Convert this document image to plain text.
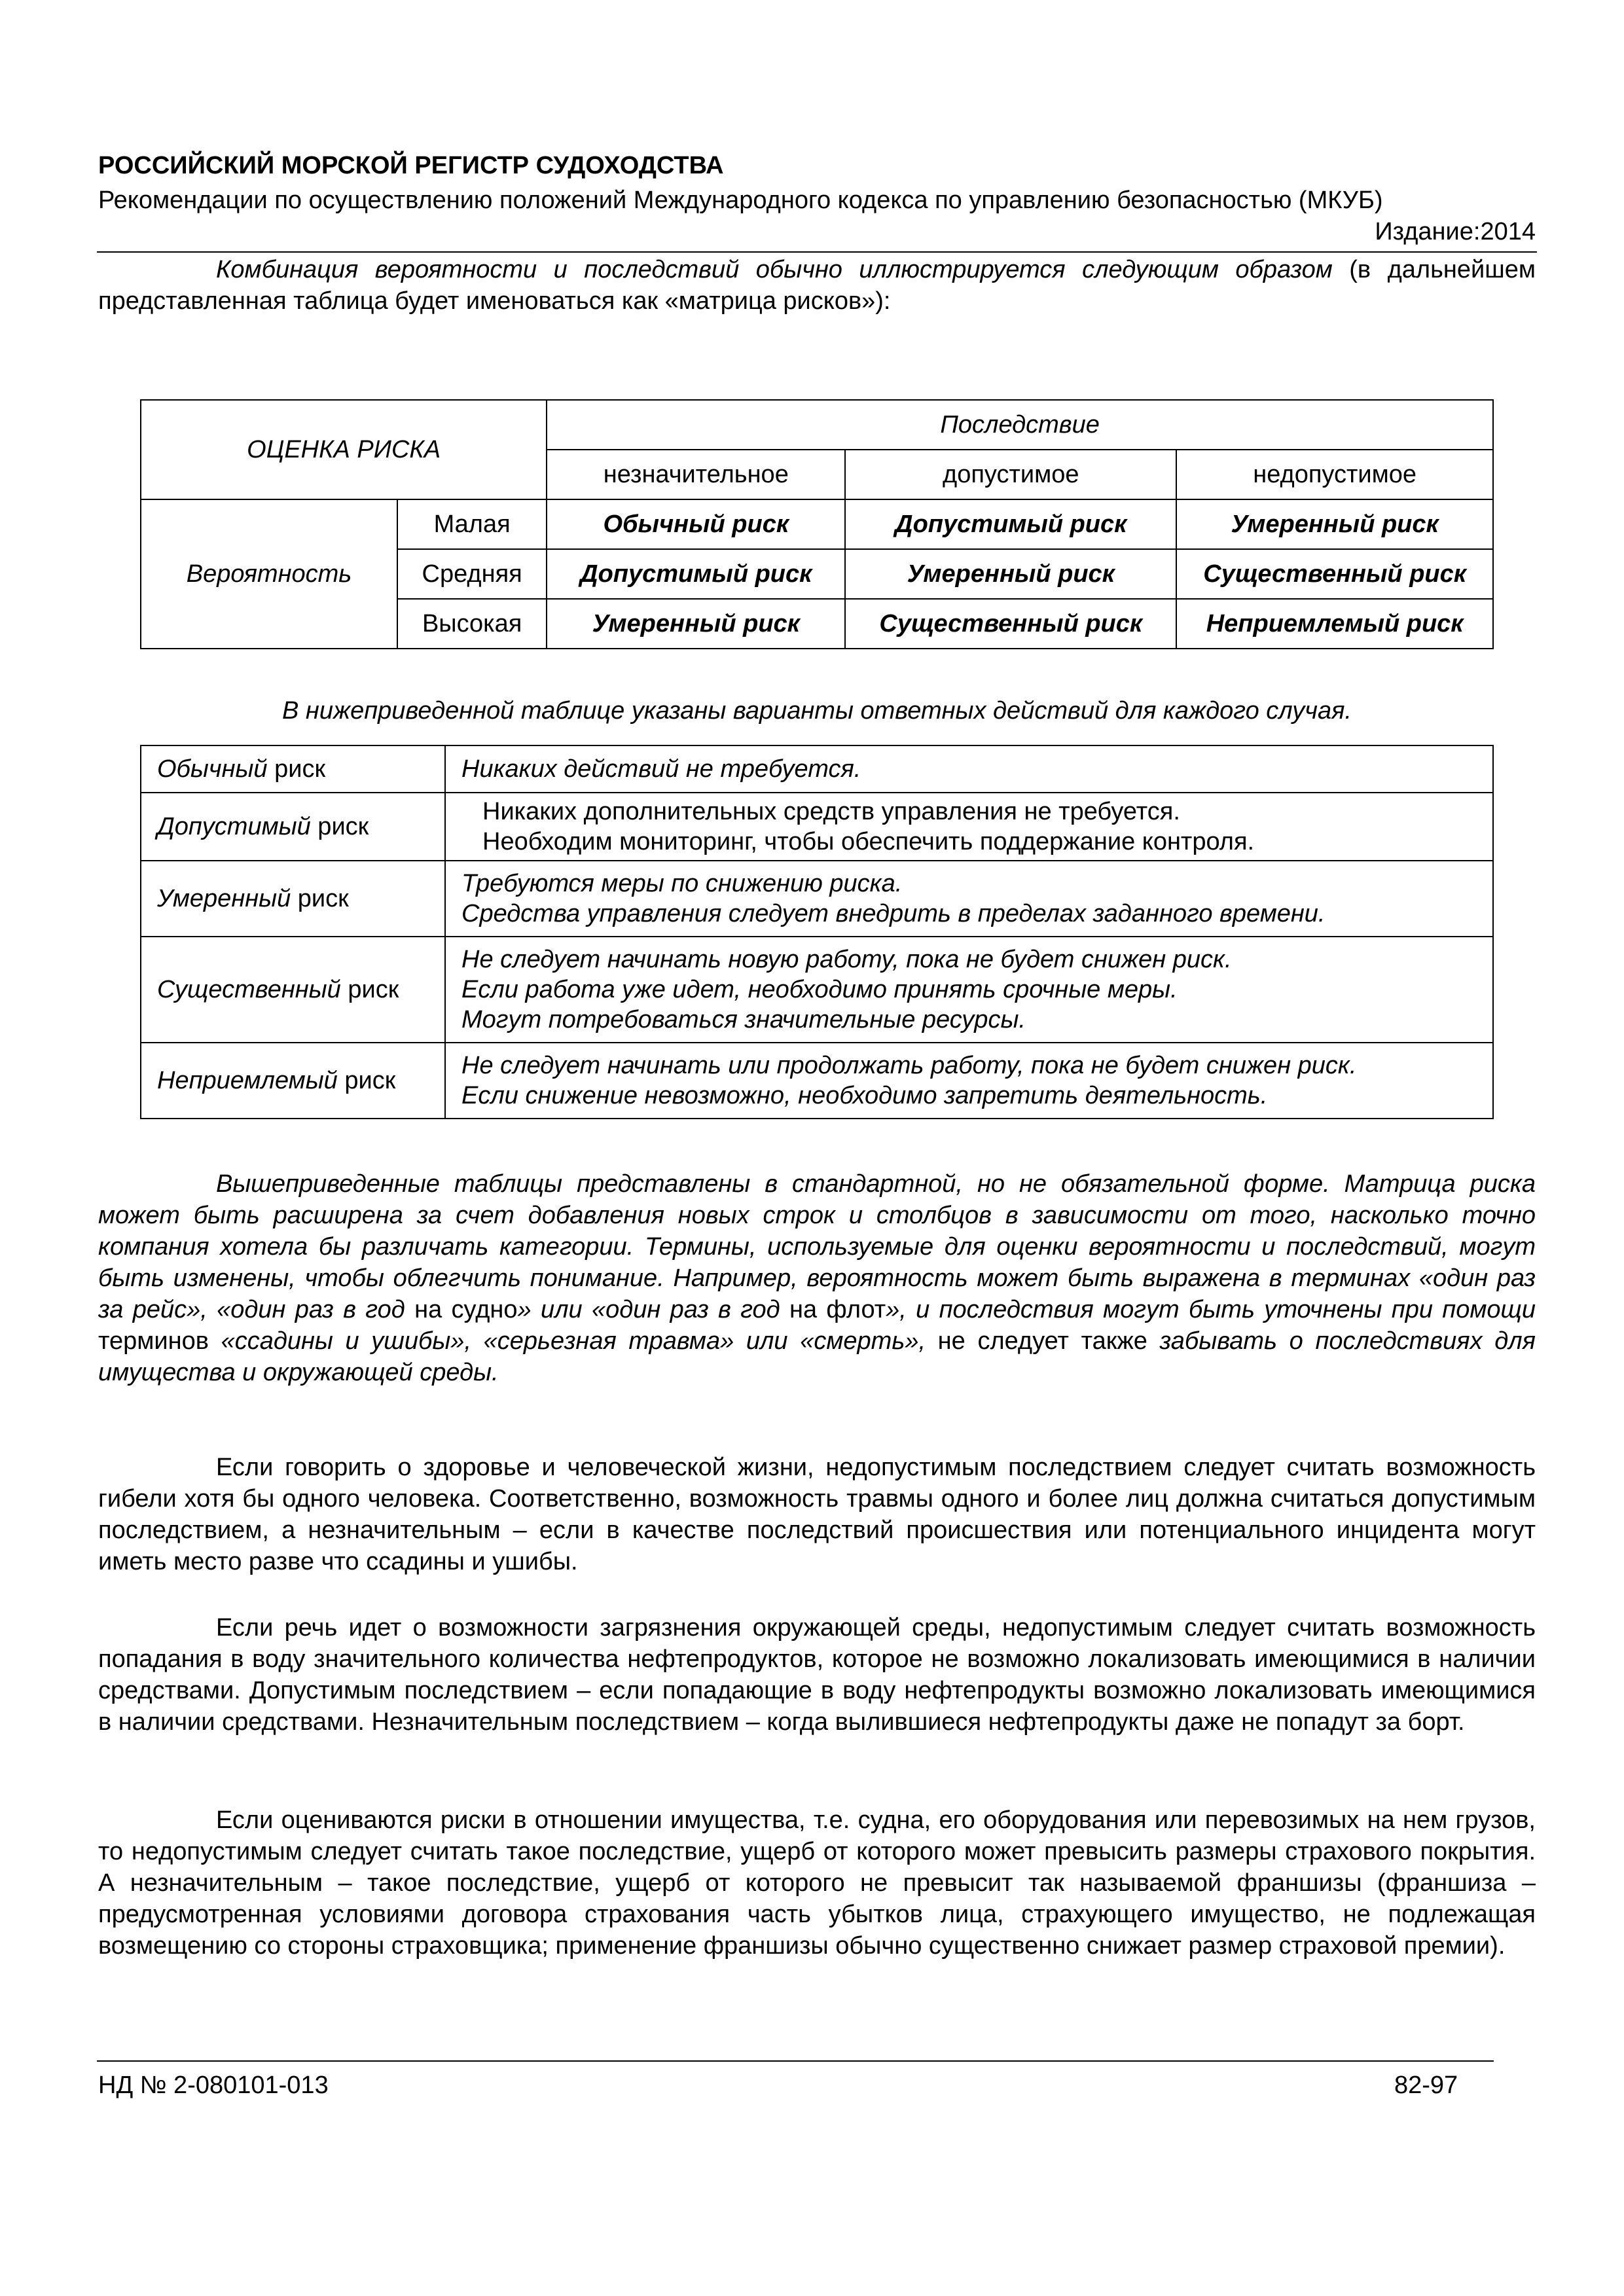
РОССИЙСКИЙ МОРСКОЙ РЕГИСТР СУДОХОДСТВА
Рекомендации по осуществлению положений Международного кодекса по управлению безопасностью (МКУБ)
Издание:2014
Комбинация вероятности и последствий обычно иллюстрируется следующим образом (в дальнейшем представленная таблица будет именоваться как «матрица рисков»):
ОЦЕНКА РИСКА		Последствие		
		незначительное	допустимое	недопустимое
Вероятность	Малая	Обычный риск	Допустимый риск	Умеренный риск
	Средняя	Допустимый риск	Умеренный риск	Существенный риск
	Высокая	Умеренный риск	Существенный риск	Неприемлемый риск
В нижеприведенной таблице указаны варианты ответных действий для каждого случая.
Обычный риск	Никаких действий не требуется.

Допустимый риск	Никаких дополнительных средств управления не требуется.
Необходим мониторинг, чтобы обеспечить поддержание контроля.

Умеренный риск	Требуются меры по снижению риска.
Средства управления следует внедрить в пределах заданного времени.

Существенный риск	Не следует начинать новую работу, пока не будет снижен риск.
Если работа уже идет, необходимо принять срочные меры.
Могут потребоваться значительные ресурсы.

Неприемлемый риск	Не следует начинать или продолжать работу, пока не будет снижен риск.
Если снижение невозможно, необходимо запретить деятельность.
Вышеприведенные таблицы представлены в стандартной, но не обязательной форме. Матрица риска может быть расширена за счет добавления новых строк и столбцов в зависимости от того, насколько точно компания хотела бы различать категории. Термины, используемые для оценки вероятности и последствий, могут быть изменены, чтобы облегчить понимание. Например, вероятность может быть выражена в терминах «один раз за рейс», «один раз в год на судно» или «один раз в год на флот», и последствия могут быть уточнены при помощи терминов «ссадины и ушибы», «серьезная травма» или «смерть», не следует также забывать о последствиях для имущества и окружающей среды.
Если говорить о здоровье и человеческой жизни, недопустимым последствием следует считать возможность гибели хотя бы одного человека. Соответственно, возможность травмы одного и более лиц должна считаться допустимым последствием, а незначительным – если в качестве последствий происшествия или потенциального инцидента могут иметь место разве что ссадины и ушибы.
Если речь идет о возможности загрязнения окружающей среды, недопустимым следует считать возможность попадания в воду значительного количества нефтепродуктов, которое не возможно локализовать имеющимися в наличии средствами. Допустимым последствием – если попадающие в воду нефтепродукты возможно локализовать имеющимися в наличии средствами. Незначительным последствием – когда вылившиеся нефтепродукты даже не попадут за борт.
Если оцениваются риски в отношении имущества, т.е. судна, его оборудования или перевозимых на нем грузов, то недопустимым следует считать такое последствие, ущерб от которого может превысить размеры страхового покрытия. А незначительным – такое последствие, ущерб от которого не превысит так называемой франшизы (франшиза – предусмотренная условиями договора страхования часть убытков лица, страхующего имущество, не подлежащая возмещению со стороны страховщика; применение франшизы обычно существенно снижает размер страховой премии).
НД № 2-080101-013	82-97
